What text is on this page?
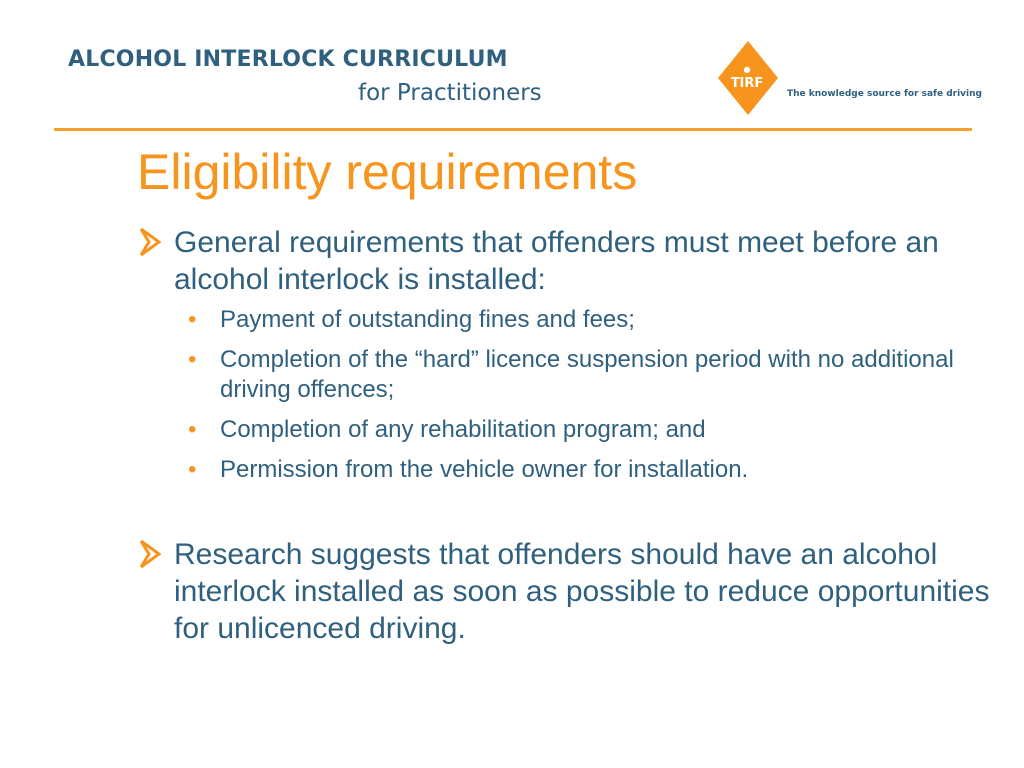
ALCOHOL INTERLOCK CURRICULUM
for Practitioners	TIRF
The knowledge source for safe driving
Eligibility requirements
General requirements that offenders must meet before an alcohol interlock is installed:
• Payment of outstanding fines and fees;
• Completion of the “hard” licence suspension period with no additional driving offences;
• Completion of any rehabilitation program; and
• Permission from the vehicle owner for installation.
Research suggests that offenders should have an alcohol interlock installed as soon as possible to reduce opportunities for unlicenced driving.
